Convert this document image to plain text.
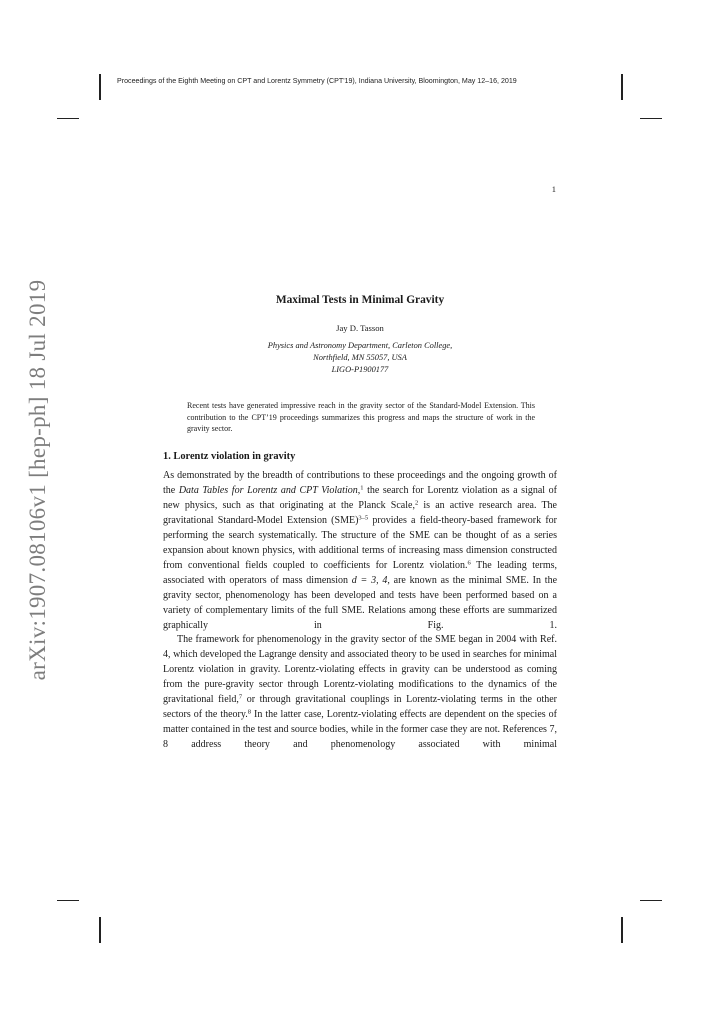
Proceedings of the Eighth Meeting on CPT and Lorentz Symmetry (CPT'19), Indiana University, Bloomington, May 12–16, 2019
1
arXiv:1907.08106v1 [hep-ph] 18 Jul 2019	Maximal Tests in Minimal Gravity
Jay D. Tasson
Physics and Astronomy Department, Carleton College,
Northfield, MN 55057, USA
LIGO-P1900177
Recent tests have generated impressive reach in the gravity sector of the Standard-Model Extension. This contribution to the CPT’19 proceedings summarizes this progress and maps the structure of work in the gravity sector.
1. Lorentz violation in gravity

As demonstrated by the breadth of contributions to these proceedings and the ongoing growth of the Data Tables for Lorentz and CPT Violation,$^1$ the search for Lorentz violation as a signal of new physics, such as that originating at the Planck Scale,$^2$ is an active research area. The gravitational Standard-Model Extension (SME)$^{3-5}$ provides a field-theory-based framework for performing the search systematically. The structure of the SME can be thought of as a series expansion about known physics, with additional terms of increasing mass dimension constructed from conventional fields coupled to coefficients for Lorentz violation.$^6$ The leading terms, associated with operators of mass dimension d = 3, 4, are known as the minimal SME. In the gravity sector, phenomenology has been developed and tests have been performed based on a variety of complementary limits of the full SME. Relations among these efforts are summarized graphically in Fig. 1.

The framework for phenomenology in the gravity sector of the SME began in 2004 with Ref. 4, which developed the Lagrange density and associated theory to be used in searches for minimal Lorentz violation in gravity. Lorentz-violating effects in gravity can be understood as coming from the pure-gravity sector through Lorentz-violating modifications to the dynamics of the gravitational field,$^7$ or through gravitational couplings in Lorentz-violating terms in the other sectors of the theory.$^8$ In the latter case, Lorentz-violating effects are dependent on the species of matter contained in the test and source bodies, while in the former case they are not. References 7, 8 address theory and phenomenology associated with minimal
